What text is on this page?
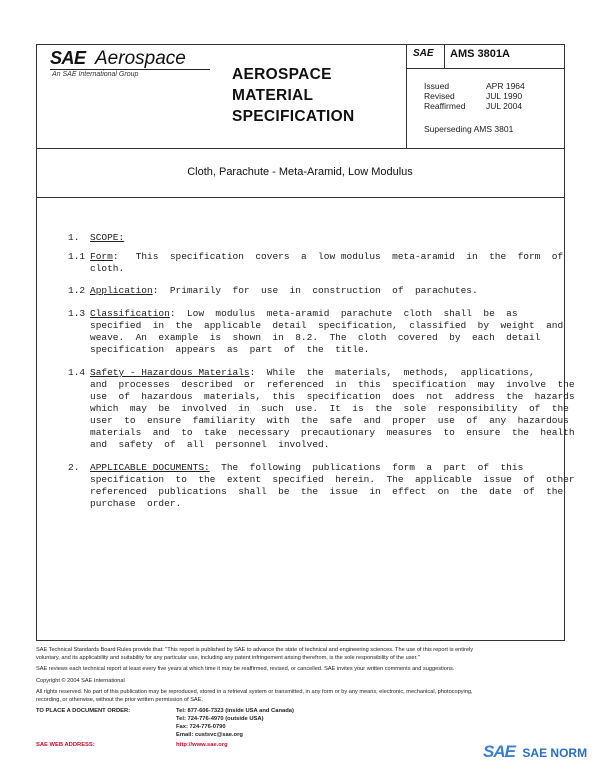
SAE Aerospace
An SAE International Group	AEROSPACE
MATERIAL
SPECIFICATION
SAE AMS 3801A
Issued	APR 1964
Revised	JUL 1990
Reaffirmed JUL 2004
Superseding AMS 3801
Cloth, Parachute - Meta-Aramid, Low Modulus
1. SCOPE:
1.1 Form:   This  specification  covers  a  low modulus  meta-aramid  in  the  form  of
cloth.
1.2 Application:  Primarily  for  use  in  construction  of  parachutes.
1.3 Classification:  Low  modulus  meta-aramid  parachute  cloth  shall  be  as
specified  in  the  applicable  detail  specification,  classified  by  weight  and
weave.  An  example  is  shown  in  8.2.  The  cloth  covered  by  each  detail
specification  appears  as  part  of  the  title.
1.4 Safety - Hazardous Materials:  While  the  materials,  methods,  applications,
and  processes  described  or  referenced  in  this  specification  may  involve  the
use  of  hazardous  materials,  this  specification  does  not  address  the  hazards
which  may  be  involved  in  such  use.  It  is  the  sole  responsibility  of  the
user  to  ensure  familiarity  with  the  safe  and  proper  use  of  any  hazardous
materials  and  to  take  necessary  precautionary  measures  to  ensure  the  health
and  safety  of  all  personnel  involved.
2. APPLICABLE DOCUMENTS:  The  following  publications  form  a  part  of  this
specification  to  the  extent  specified  herein.  The  applicable  issue  of  other
referenced  publications  shall  be  the  issue  in  effect  on  the  date  of  the
purchase  order.
SAE Technical Standards Board Rules provide that: "This report is published by SAE to advance the state of technical and engineering sciences. The use of this report is entirely
voluntary, and its applicability and suitability for any particular use, including any patent infringement arising therefrom, is the sole responsibility of the user."
SAE reviews each technical report at least every five years at which time it may be reaffirmed, revised, or cancelled. SAE invites your written comments and suggestions.
Copyright © 2004 SAE International
All rights reserved. No part of this publication may be reproduced, stored in a retrieval system or transmitted, in any form or by any means, electronic, mechanical, photocopying,
recording, or otherwise, without the prior written permission of SAE.
TO PLACE A DOCUMENT ORDER:	Tel: 877-606-7323 (inside USA and Canada)
Tel: 724-776-4970 (outside USA)
Fax: 724-776-0790
Email: custsvc@sae.org
SAE WEB ADDRESS:	http://www.sae.org	SAE SAE NORM
